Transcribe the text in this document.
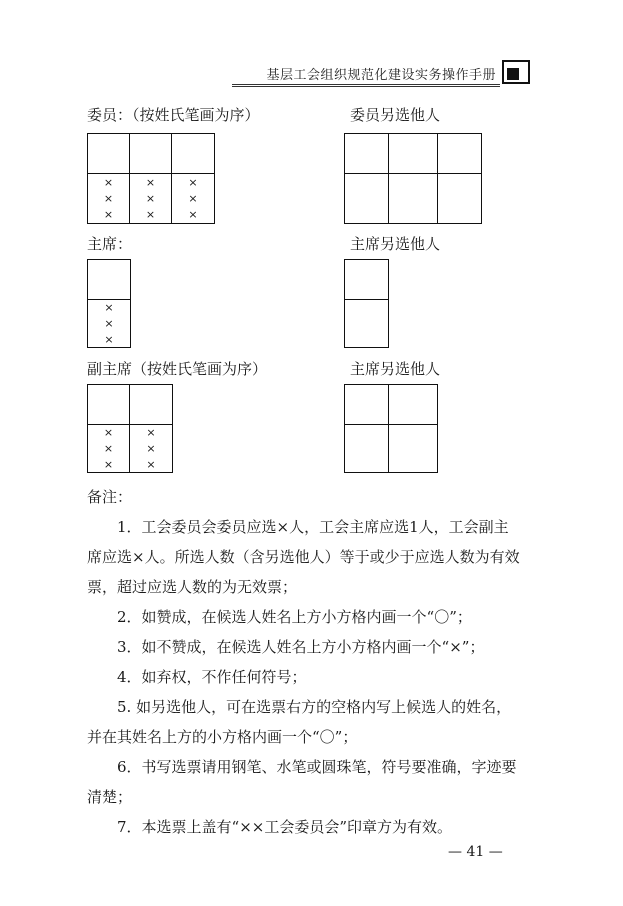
基层工会组织规范化建设实务操作手册
委员：（按姓氏笔画为序）
×
×
×
×
×
×
×
×
×
委员另选他人
主席：
×
×
×
主席另选他人
副主席（按姓氏笔画为序）
×
×
×
×
×
×
主席另选他人

备注：

1．工会委员会委员应选×人，工会主席应选1人，工会副主席应选×人。所选人数（含另选他人）等于或少于应选人数为有效票，超过应选人数的为无效票；

2．如赞成，在候选人姓名上方小方格内画一个“〇”；

3．如不赞成，在候选人姓名上方小方格内画一个“×”；

4．如弃权，不作任何符号；

5. 如另选他人，可在选票右方的空格内写上候选人的姓名，并在其姓名上方的小方格内画一个“〇”；

6．书写选票请用钢笔、水笔或圆珠笔，符号要准确，字迹要清楚；

7．本选票上盖有“××工会委员会”印章方为有效。

— 41 —
